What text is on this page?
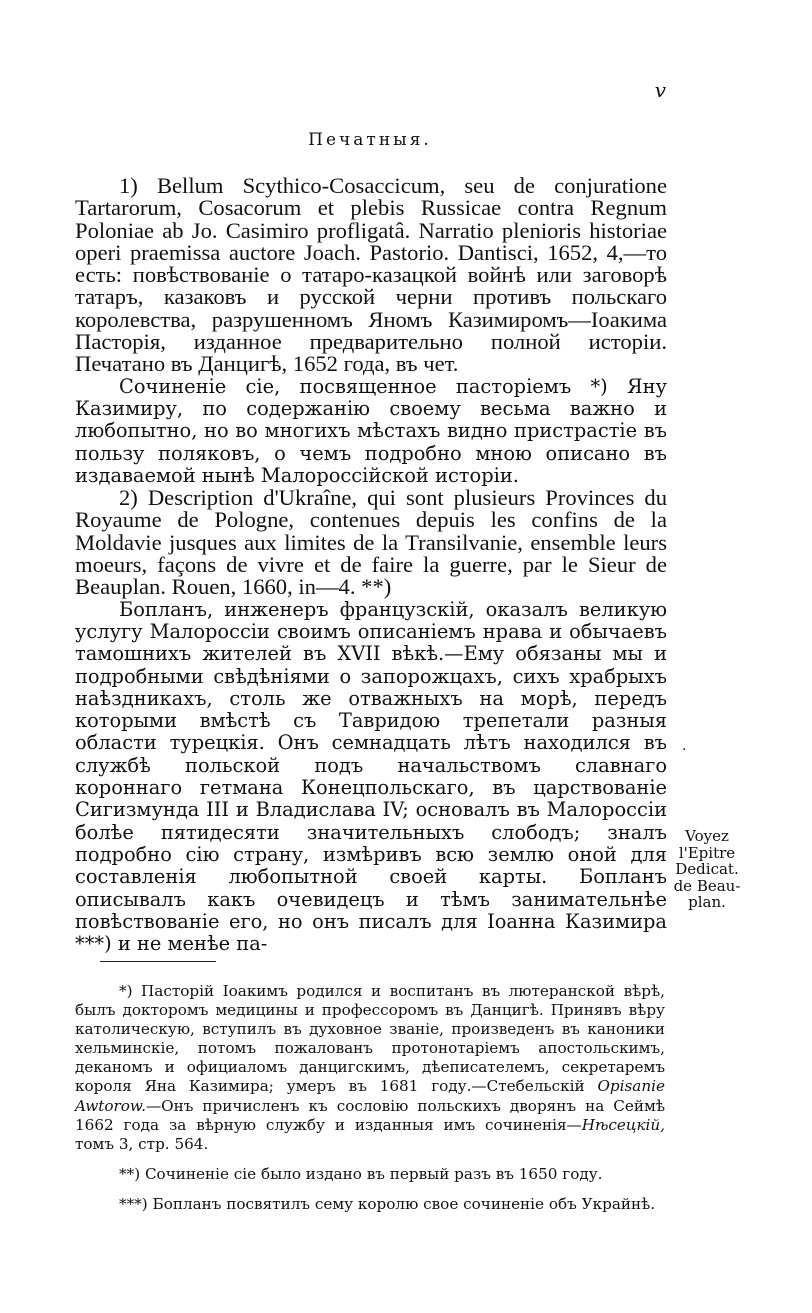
v
Печатныя.

1) Bellum Scythico-Cosaccicum, seu de conjuratione Tartarorum, Cosacorum et plebis Russicae contra Regnum Poloniae ab Jo. Casimiro profligatâ. Narratio pleniоris historiae operi praemissa auctore Joach. Pastorio. Dantisci, 1652, 4,—то есть: повѣствованіе о татаро-казацкой войнѣ или заговорѣ татаръ, казаковъ и русской черни противъ польскаго королевства, разрушенномъ Яномъ Казимиромъ—Іоакима Пасторія, изданное предварительно полной исторіи. Печатано въ Данцигѣ, 1652 года, въ чет.

Сочиненіе сіе, посвященное пасторіемъ *) Яну Казимиру, по содержанію своему весьма важно и любопытно, но во многихъ мѣстахъ видно пристрастіе въ пользу поляковъ, о чемъ подробно мною описано въ издаваемой нынѣ Малороссійской исторіи.

2) Description d'Ukraîne, qui sont plusieurs Provinces du Royaume de Pologne, contenues depuis les confins de la Moldavie jusques aux limites de la Transilvanie, ensemble leurs moeurs, façons de vivre et de faire la guerre, par le Sieur de Beauplan. Rouen, 1660, in—4. **)

Бопланъ, инженеръ французскій, оказалъ великую услугу Малороссіи своимъ описаніемъ нрава и обычаевъ тамошнихъ жителей въ XVII вѣкѣ.—Ему обязаны мы и подробными свѣдѣніями о запорожцахъ, сихъ храбрыхъ наѣздникахъ, столь же отважныхъ на морѣ, передъ которыми вмѣстѣ съ Тавридою трепетали разныя области турецкія. Онъ семнадцать лѣтъ находился въ службѣ польской подъ начальствомъ славнаго короннаго гетмана Конецпольскаго, въ царствованіе Сигизмунда III и Владислава IV; основалъ въ Малороссіи болѣе пятидесяти значительныхъ слободъ; зналъ подробно сію страну, измѣривъ всю землю оной для составленія любопытной своей карты. Бопланъ описывалъ какъ очевидецъ и тѣмъ занимательнѣе повѣствованіе его, но онъ писалъ для Іоанна Казимира ***) и не менѣе па-

.
Voyez
l'Epitre
Dedicat.
de Beau-
plan.

*) Пасторій Іоакимъ родился и воспитанъ въ лютеранской вѣрѣ, былъ докторомъ медицины и профессоромъ въ Данцигѣ. Принявъ вѣру католическую, вступилъ въ духовное званіе, произведенъ въ каноники хельминскіе, потомъ пожалованъ протонотаріемъ апостольскимъ, деканомъ и официаломъ данцигскимъ, дѣеписателемъ, секретаремъ короля Яна Казимира; умеръ въ 1681 году.—Стебельскій Opisanie Awtorow.—Онъ причисленъ къ сословію польскихъ дворянъ на Сеймѣ 1662 года за вѣрную службу и изданныя имъ сочиненія—Нѣсецкій, томъ 3, стр. 564.

**) Сочиненіе сіе было издано въ первый разъ въ 1650 году.

***) Бопланъ посвятилъ сему королю свое сочиненіе объ Украйнѣ.
